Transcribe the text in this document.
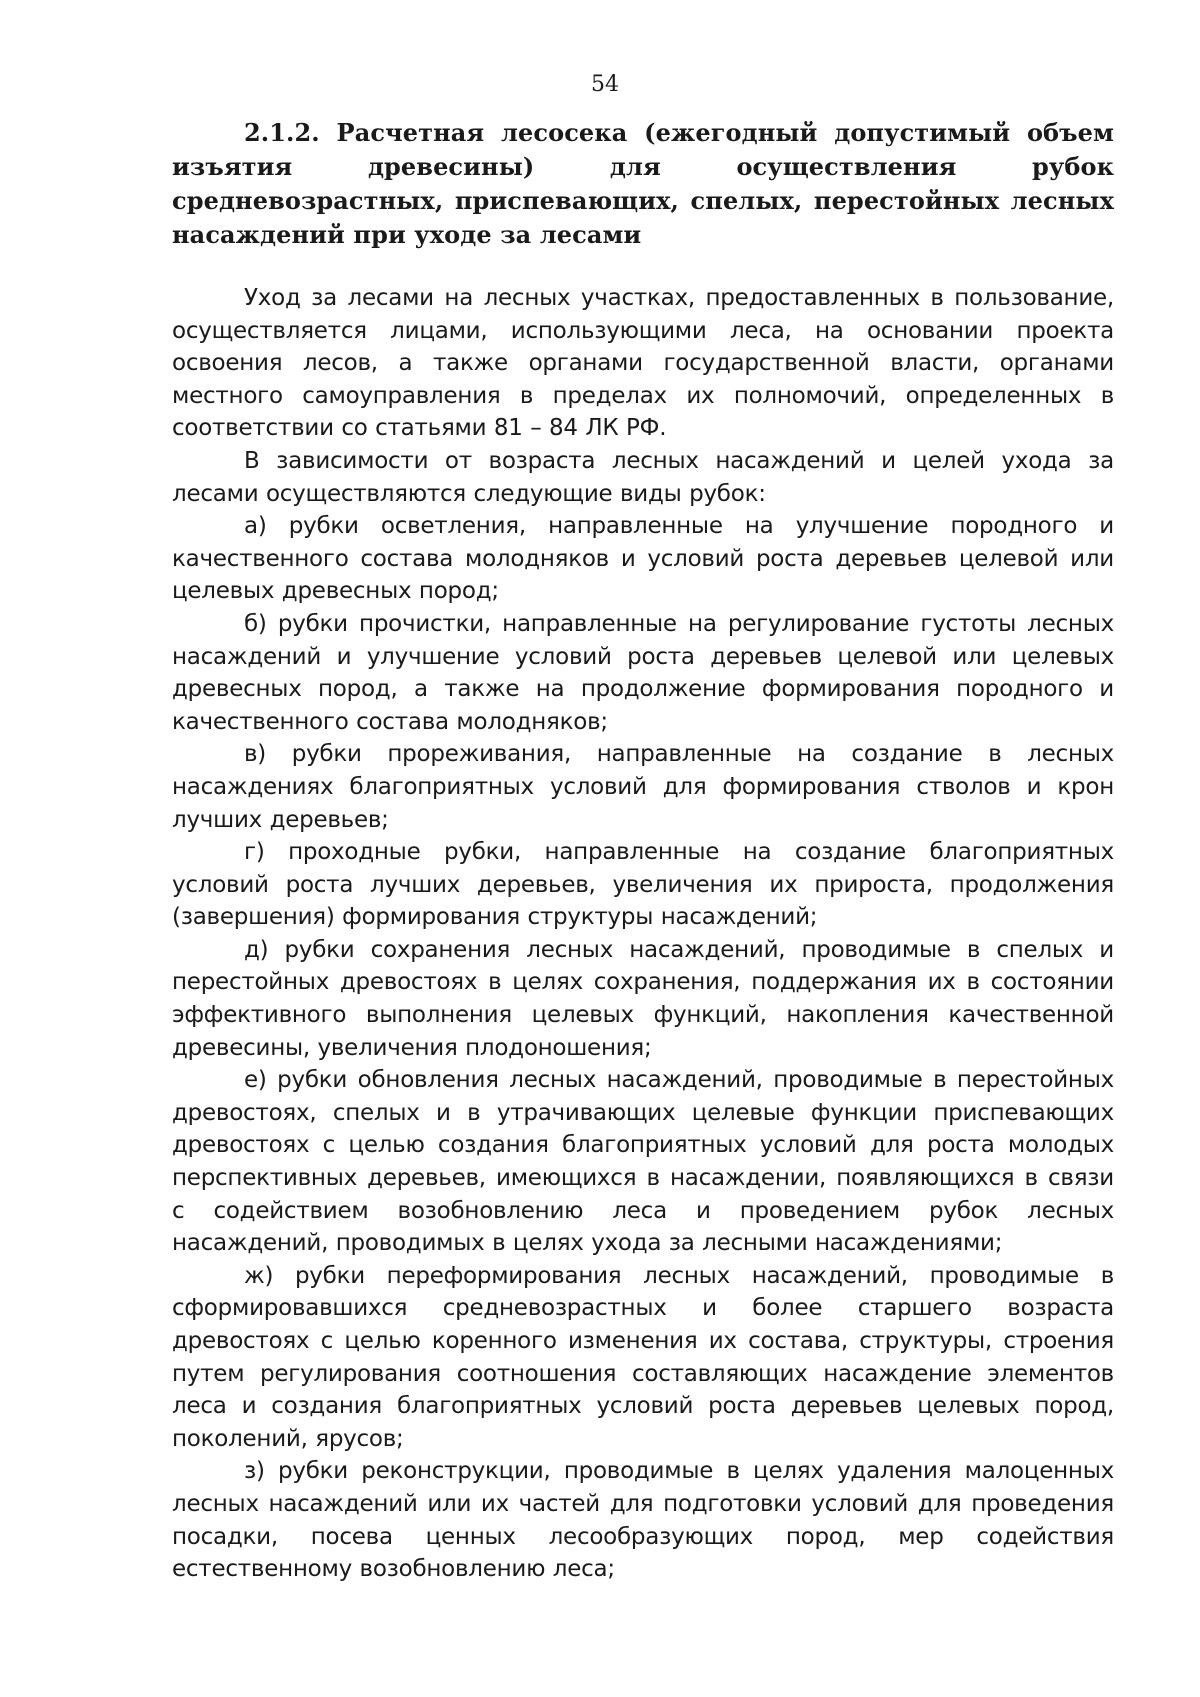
54
2.1.2. Расчетная лесосека (ежегодный допустимый объем изъятия древесины) для осуществления рубок средневозрастных, приспевающих, спелых, перестойных лесных насаждений при уходе за лесами

Уход за лесами на лесных участках, предоставленных в пользование, осуществляется лицами, использующими леса, на основании проекта освоения лесов, а также органами государственной власти, органами местного самоуправления в пределах их полномочий, определенных в соответствии со статьями 81 – 84 ЛК РФ.

В зависимости от возраста лесных насаждений и целей ухода за лесами осуществляются следующие виды рубок:

а) рубки осветления, направленные на улучшение породного и качественного состава молодняков и условий роста деревьев целевой или целевых древесных пород;

б) рубки прочистки, направленные на регулирование густоты лесных насаждений и улучшение условий роста деревьев целевой или целевых древесных пород, а также на продолжение формирования породного и качественного состава молодняков;

в) рубки прореживания, направленные на создание в лесных насаждениях благоприятных условий для формирования стволов и крон лучших деревьев;

г) проходные рубки, направленные на создание благоприятных условий роста лучших деревьев, увеличения их прироста, продолжения (завершения) формирования структуры насаждений;

д) рубки сохранения лесных насаждений, проводимые в спелых и перестойных древостоях в целях сохранения, поддержания их в состоянии эффективного выполнения целевых функций, накопления качественной древесины, увеличения плодоношения;

е) рубки обновления лесных насаждений, проводимые в перестойных древостоях, спелых и в утрачивающих целевые функции приспевающих древостоях с целью создания благоприятных условий для роста молодых перспективных деревьев, имеющихся в насаждении, появляющихся в связи с содействием возобновлению леса и проведением рубок лесных насаждений, проводимых в целях ухода за лесными насаждениями;

ж) рубки переформирования лесных насаждений, проводимые в сформировавшихся средневозрастных и более старшего возраста древостоях с целью коренного изменения их состава, структуры, строения путем регулирования соотношения составляющих насаждение элементов леса и создания благоприятных условий роста деревьев целевых пород, поколений, ярусов;

з) рубки реконструкции, проводимые в целях удаления малоценных лесных насаждений или их частей для подготовки условий для проведения посадки, посева ценных лесообразующих пород, мер содействия естественному возобновлению леса;
